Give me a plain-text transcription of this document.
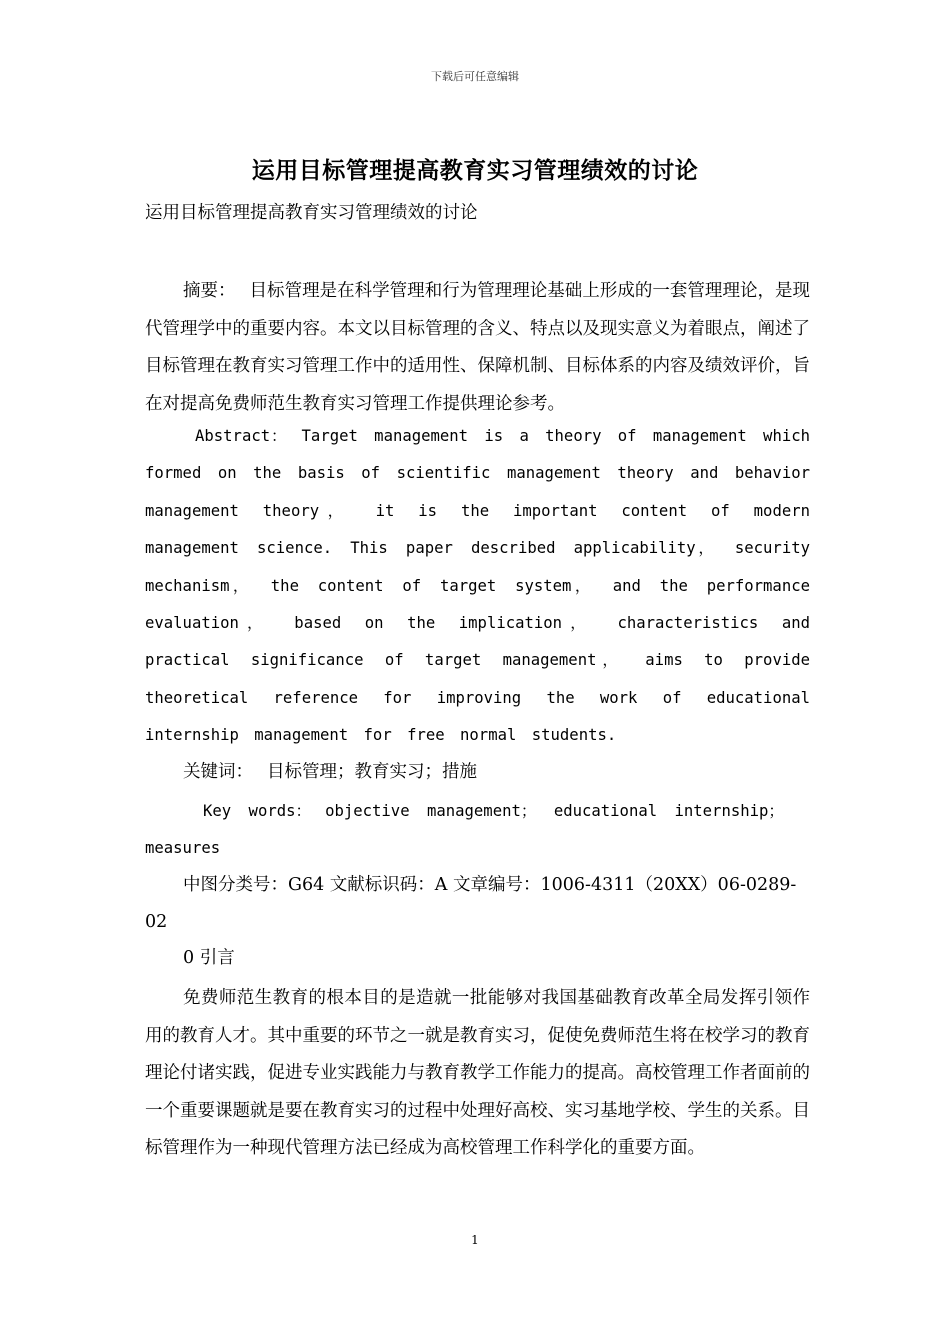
下载后可任意编辑
运用目标管理提高教育实习管理绩效的讨论
运用目标管理提高教育实习管理绩效的讨论
摘要： 目标管理是在科学管理和行为管理理论基础上形成的一套管理理论，是现代管理学中的重要内容。本文以目标管理的含义、特点以及现实意义为着眼点，阐述了目标管理在教育实习管理工作中的适用性、保障机制、目标体系的内容及绩效评价，旨在对提高免费师范生教育实习管理工作提供理论参考。
Abstract： Target management is a theory of management which formed on the basis of scientific management theory and behavior management theory， it is the important content of modern management science. This paper described applicability， security mechanism， the content of target system， and the performance evaluation， based on the implication， characteristics and practical significance of target management， aims to provide theoretical reference for improving the work of educational internship management for free normal students.
关键词： 目标管理；教育实习；措施
Key words： objective management； educational internship； measures
中图分类号：G64 文献标识码：A 文章编号：1006-4311（20XX）06-0289-02
0 引言
免费师范生教育的根本目的是造就一批能够对我国基础教育改革全局发挥引领作用的教育人才。其中重要的环节之一就是教育实习，促使免费师范生将在校学习的教育理论付诸实践，促进专业实践能力与教育教学工作能力的提高。高校管理工作者面前的一个重要课题就是要在教育实习的过程中处理好高校、实习基地学校、学生的关系。目标管理作为一种现代管理方法已经成为高校管理工作科学化的重要方面。
1
